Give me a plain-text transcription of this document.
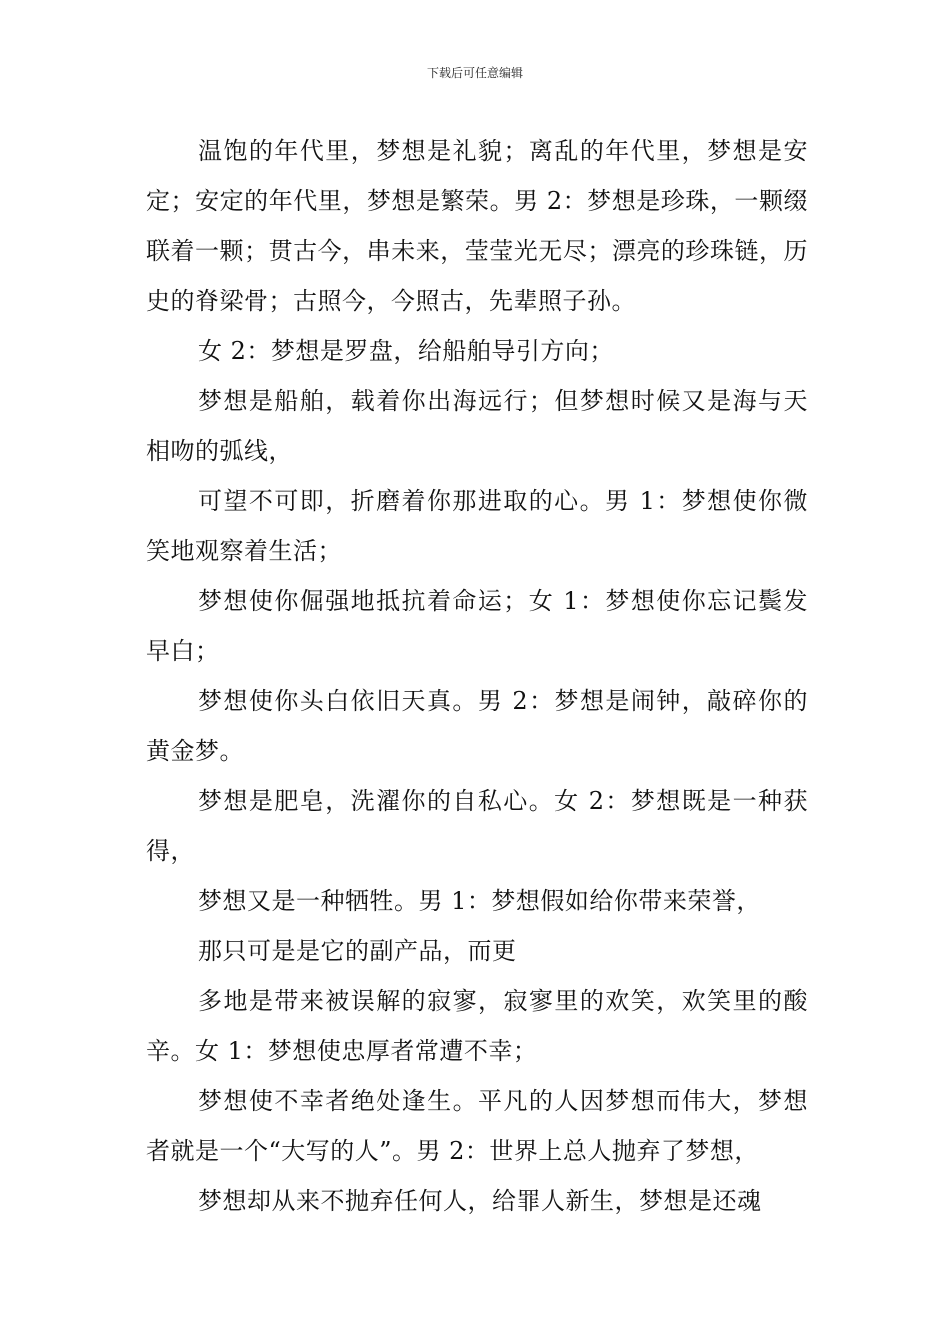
下载后可任意编辑

温饱的年代里，梦想是礼貌；离乱的年代里，梦想是安定；安定的年代里，梦想是繁荣。男 2：梦想是珍珠，一颗缀联着一颗；贯古今，串未来，莹莹光无尽；漂亮的珍珠链，历史的脊梁骨；古照今，今照古，先辈照子孙。

女 2：梦想是罗盘，给船舶导引方向；

梦想是船舶，载着你出海远行；但梦想时候又是海与天相吻的弧线，

可望不可即，折磨着你那进取的心。男 1：梦想使你微笑地观察着生活；

梦想使你倔强地抵抗着命运；女 1：梦想使你忘记鬓发早白；

梦想使你头白依旧天真。男 2：梦想是闹钟，敲碎你的黄金梦。

梦想是肥皂，洗濯你的自私心。女 2：梦想既是一种获得，

梦想又是一种牺牲。男 1：梦想假如给你带来荣誉，

那只可是是它的副产品，而更

多地是带来被误解的寂寥，寂寥里的欢笑，欢笑里的酸辛。女 1：梦想使忠厚者常遭不幸；

梦想使不幸者绝处逢生。平凡的人因梦想而伟大，梦想者就是一个“大写的人”。男 2：世界上总人抛弃了梦想，

梦想却从来不抛弃任何人，给罪人新生，梦想是还魂
